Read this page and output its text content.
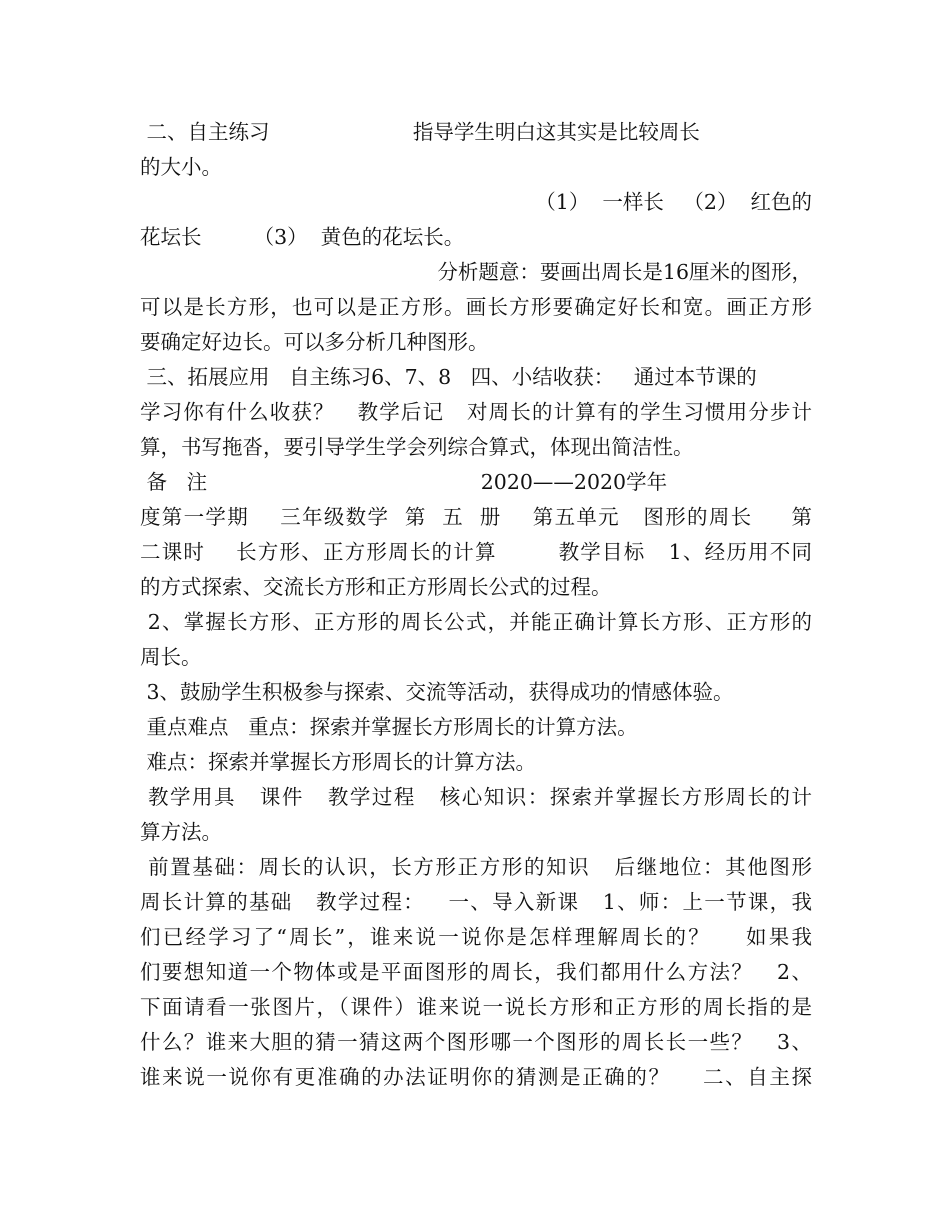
二、自主练习                      指导学生明白这其实是比较周长
的大小。
（1）  一样长   （2）  红色的
花坛长        （3）  黄色的花坛长。
分析题意：要画出周长是16厘米的图形，
可以是长方形，也可以是正方形。画长方形要确定好长和宽。画正方形
要确定好边长。可以多分析几种图形。
三、拓展应用   自主练习6、7、8   四、小结收获：   通过本节课的
学习你有什么收获？   教学后记   对周长的计算有的学生习惯用分步计
算，书写拖沓，要引导学生学会列综合算式，体现出简洁性。
备   注                                          2020——2020学年
度第一学期    三年级数学  第  五  册    第五单元   图形的周长     第
二课时    长方形、正方形周长的计算        教学目标   1、经历用不同
的方式探索、交流长方形和正方形周长公式的过程。
2、掌握长方形、正方形的周长公式，并能正确计算长方形、正方形的
周长。
3、鼓励学生积极参与探索、交流等活动，获得成功的情感体验。
重点难点   重点：探索并掌握长方形周长的计算方法。
难点：探索并掌握长方形周长的计算方法。
教学用具   课件   教学过程   核心知识：探索并掌握长方形周长的计
算方法。
前置基础：周长的认识，长方形正方形的知识   后继地位：其他图形
周长计算的基础   教学过程：   一、导入新课   1、师：上一节课，我
们已经学习了“周长”，谁来说一说你是怎样理解周长的？    如果我
们要想知道一个物体或是平面图形的周长，我们都用什么方法？   2、
下面请看一张图片，（课件）谁来说一说长方形和正方形的周长指的是
什么？谁来大胆的猜一猜这两个图形哪一个图形的周长长一些？   3、
谁来说一说你有更准确的办法证明你的猜测是正确的？    二、自主探
